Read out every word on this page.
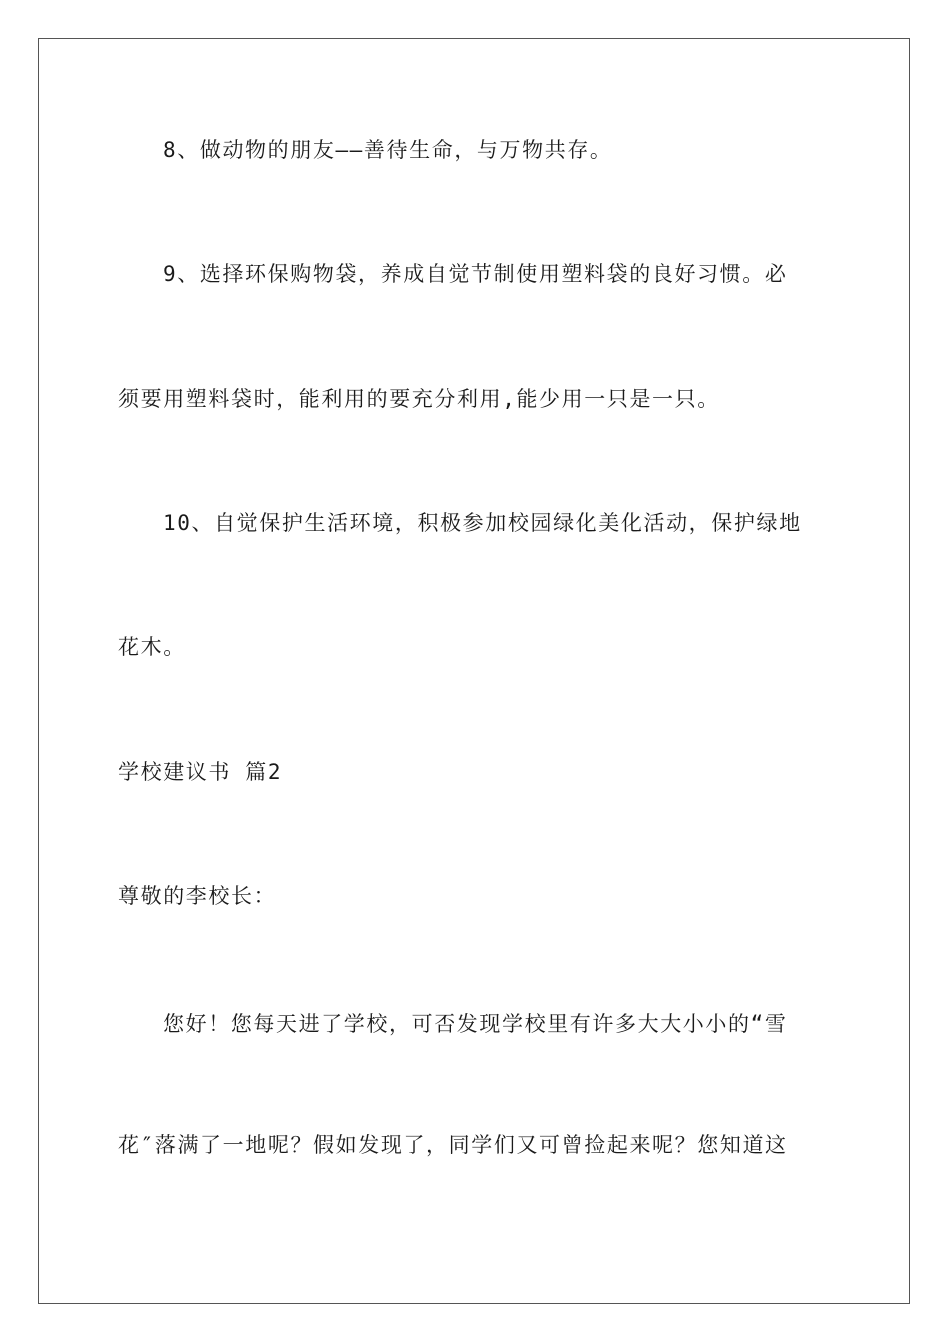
8、做动物的朋友——善待生命，与万物共存。
9、选择环保购物袋，养成自觉节制使用塑料袋的良好习惯。必
须要用塑料袋时，能利用的要充分利用,能少用一只是一只。
10、自觉保护生活环境，积极参加校园绿化美化活动，保护绿地
花木。
学校建议书 篇2
尊敬的李校长：
您好！您每天进了学校，可否发现学校里有许多大大小小的“雪
花″落满了一地呢？假如发现了，同学们又可曾捡起来呢？您知道这
